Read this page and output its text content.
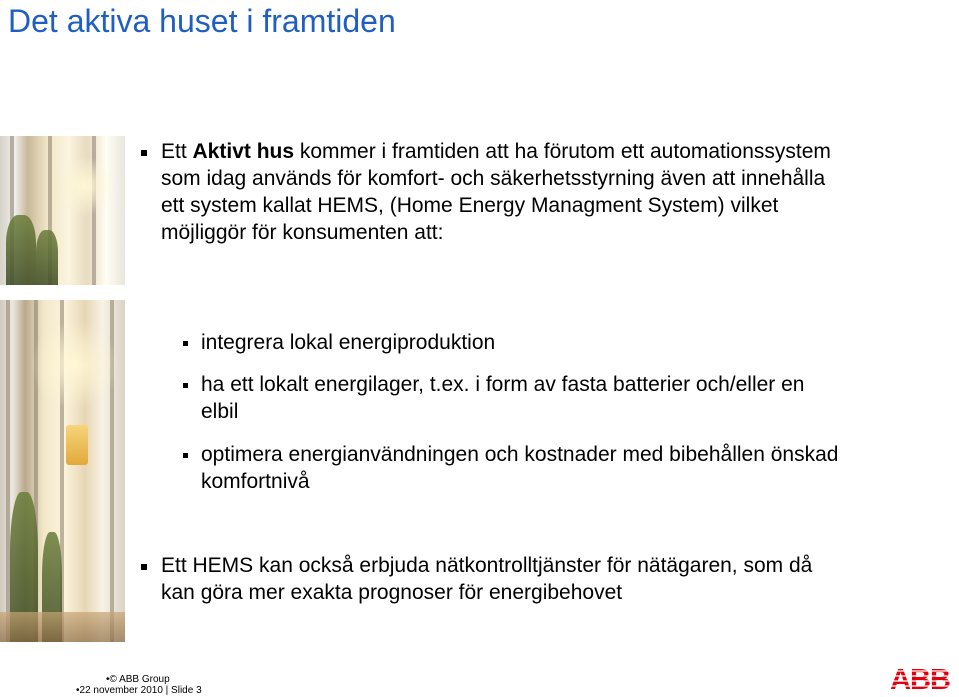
Det aktiva huset i framtiden
Ett Aktivt hus kommer i framtiden att ha förutom ett automationssystem som idag används för komfort- och säkerhetsstyrning även att innehålla ett system kallat HEMS, (Home Energy Managment System) vilket möjliggör för konsumenten att:
integrera lokal energiproduktion
ha ett lokalt energilager, t.ex. i form av fasta batterier och/eller en elbil
optimera energianvändningen och kostnader med bibehållen önskad komfortnivå
Ett HEMS kan också erbjuda nätkontrolltjänster för nätägaren, som då kan göra mer exakta prognoser för energibehovet
•© ABB Group
•22 november 2010 | Slide 3	ABB
